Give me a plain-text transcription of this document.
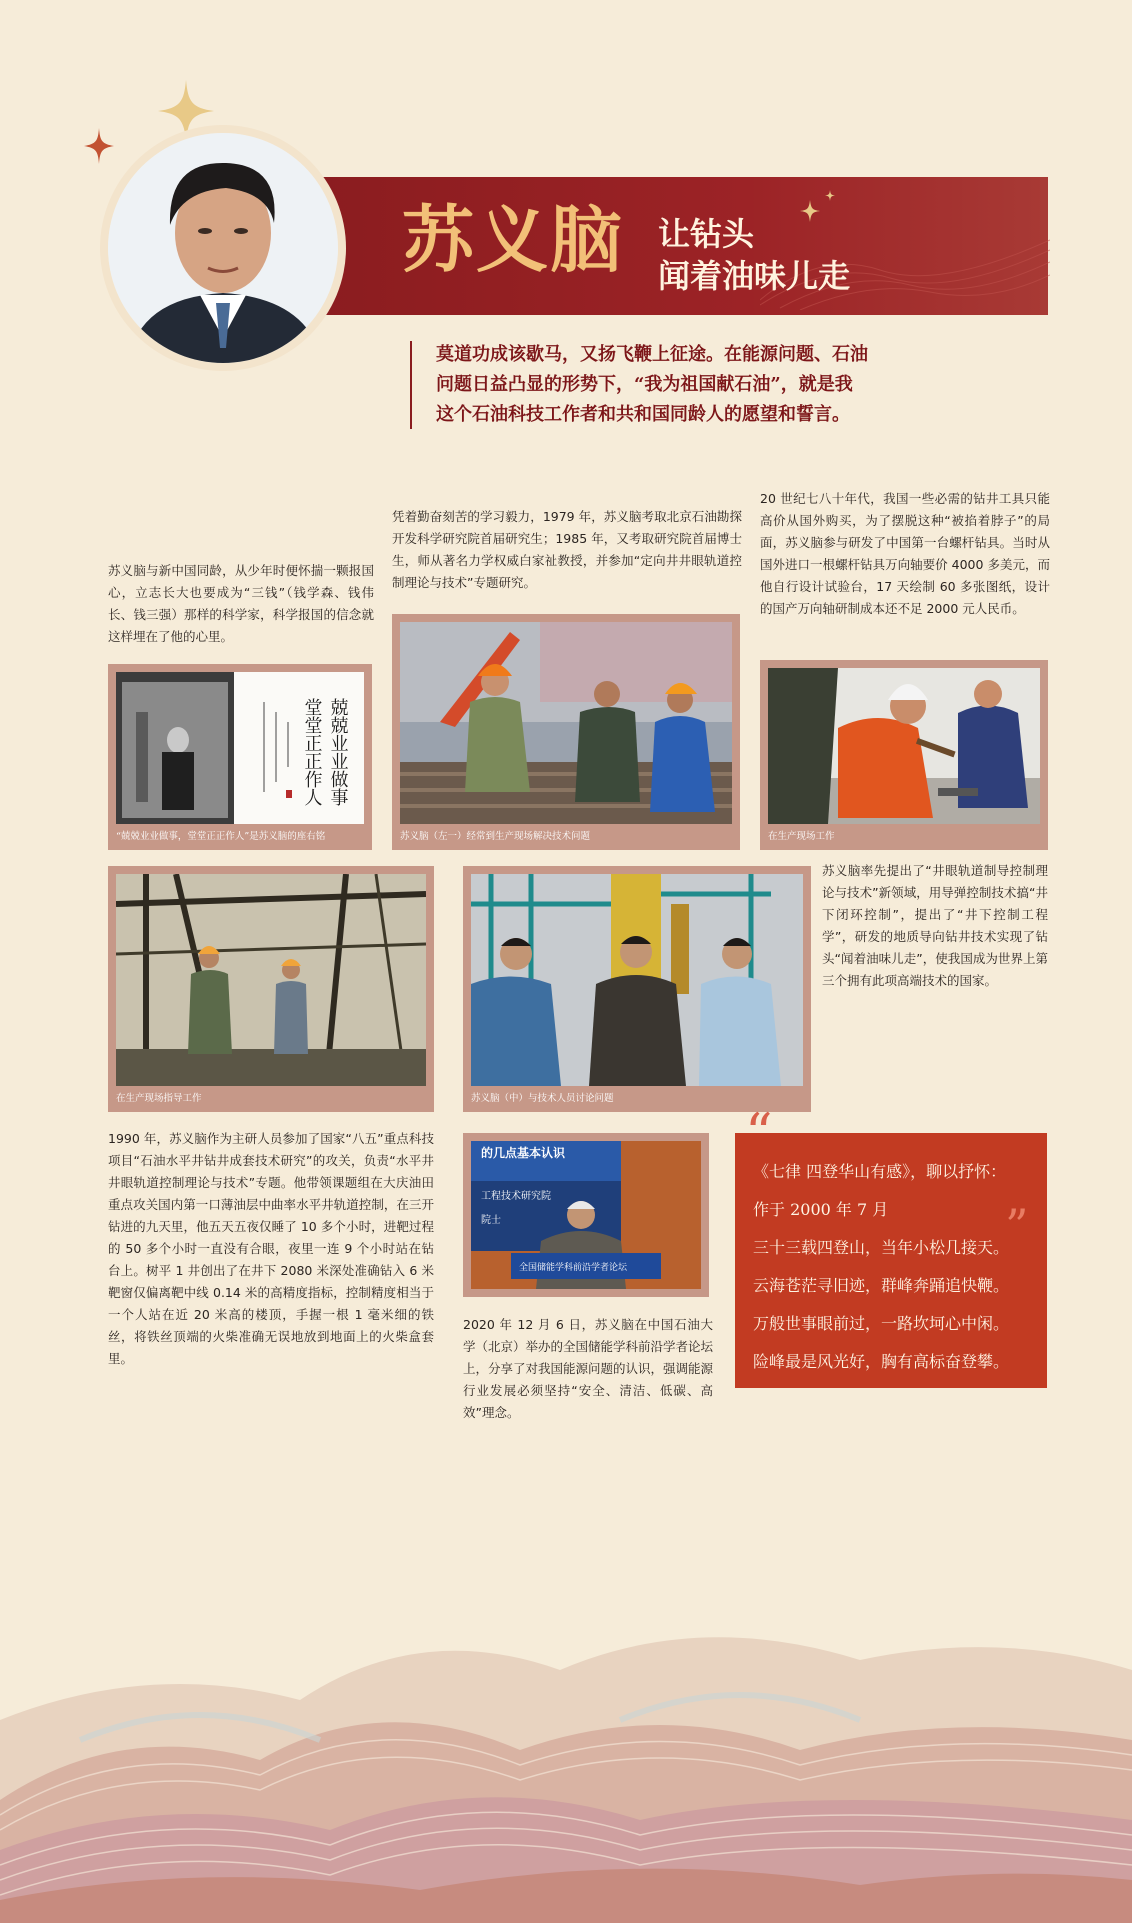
苏义脑 让钻头
闻着油味儿走
莫道功成该歇马，又扬飞鞭上征途。在能源问题、石油
问题日益凸显的形势下，“我为祖国献石油”，就是我
这个石油科技工作者和共和国同龄人的愿望和誓言。
苏义脑与新中国同龄，从少年时便怀揣一颗报国心，立志长大也要成为“三钱”（钱学森、钱伟长、钱三强）那样的科学家，科学报国的信念就这样埋在了他的心里。
凭着勤奋刻苦的学习毅力，1979 年，苏义脑考取北京石油勘探开发科学研究院首届研究生；1985 年，又考取研究院首届博士生，师从著名力学权威白家祉教授，并参加“定向井井眼轨道控制理论与技术”专题研究。
20 世纪七八十年代，我国一些必需的钻井工具只能高价从国外购买，为了摆脱这种“被掐着脖子”的局面，苏义脑参与研发了中国第一台螺杆钻具。当时从国外进口一根螺杆钻具万向轴要价 4000 多美元，而他自行设计试验台，17 天绘制 60 多张图纸，设计的国产万向轴研制成本还不足 2000 元人民币。
苏义脑率先提出了“井眼轨道制导控制理论与技术”新领域，用导弹控制技术搞“井下闭环控制”，提出了“井下控制工程学”，研发的地质导向钻井技术实现了钻头“闻着油味儿走”，使我国成为世界上第三个拥有此项高端技术的国家。
1990 年，苏义脑作为主研人员参加了国家“八五”重点科技项目“石油水平井钻井成套技术研究”的攻关，负责“水平井井眼轨道控制理论与技术”专题。他带领课题组在大庆油田重点攻关国内第一口薄油层中曲率水平井轨道控制，在三开钻进的九天里，他五天五夜仅睡了 10 多个小时，进靶过程的 50 多个小时一直没有合眼，夜里一连 9 个小时站在钻台上。树平 1 井创出了在井下 2080 米深处准确钻入 6 米靶窗仅偏离靶中线 0.14 米的高精度指标，控制精度相当于一个人站在近 20 米高的楼顶，手握一根 1 毫米细的铁丝，将铁丝顶端的火柴准确无误地放到地面上的火柴盒套里。
2020 年 12 月 6 日，苏义脑在中国石油大学（北京）举办的全国储能学科前沿学者论坛上，分享了对我国能源问题的认识，强调能源行业发展必须坚持“安全、清洁、低碳、高效”理念。
兢兢业业做事
堂堂正正作人
“兢兢业业做事，堂堂正正作人”是苏义脑的座右铭	苏义脑（左一）经常到生产现场解决技术问题	在生产现场工作
在生产现场指导工作	苏义脑（中）与技术人员讨论问题
的几点基本认识
工程技术研究院
院士
全国储能学科前沿学者论坛
《七律 四登华山有感》，聊以抒怀：
作于 2000 年 7 月
三十三载四登山，当年小松几接天。
云海苍茫寻旧迹，群峰奔踊追快鞭。
万般世事眼前过，一路坎坷心中闲。
险峰最是风光好，胸有高标奋登攀。
”
